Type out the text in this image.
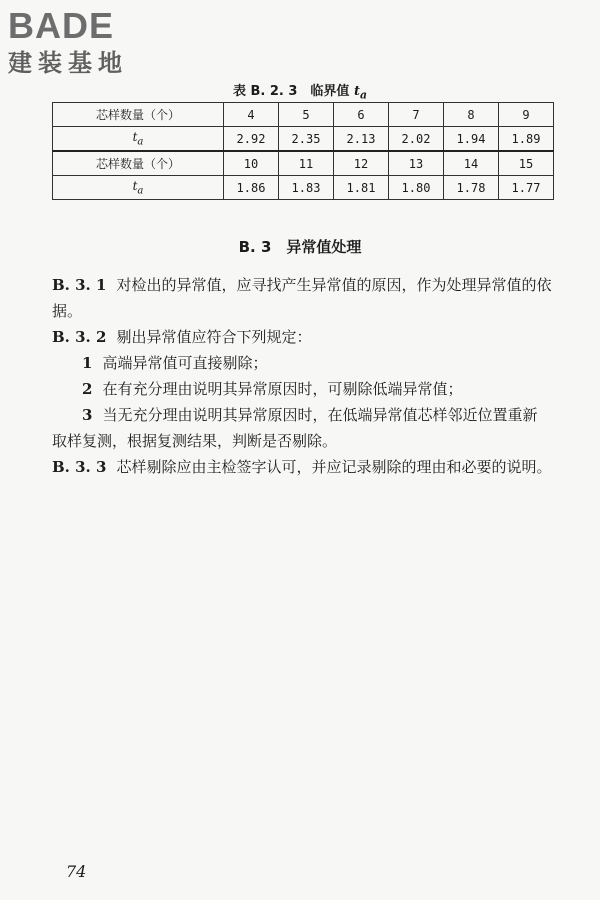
BADE
建装基地
表 B. 2. 3　临界值 $t_a$
芯样数量（个）	4	5	6	7	8	9
$t_a$	2.92	2.35	2.13	2.02	1.94	1.89
芯样数量（个）	10	11	12	13	14	15
$t_a$	1.86	1.83	1.81	1.80	1.78	1.77
B. 3　异常值处理

B. 3. 1 对检出的异常值，应寻找产生异常值的原因，作为处理异常值的依据。

B. 3. 2 剔出异常值应符合下列规定：

1 高端异常值可直接剔除；

2 在有充分理由说明其异常原因时，可剔除低端异常值；

3 当无充分理由说明其异常原因时，在低端异常值芯样邻近位置重新取样复测，根据复测结果，判断是否剔除。

B. 3. 3 芯样剔除应由主检签字认可，并应记录剔除的理由和必要的说明。

74
